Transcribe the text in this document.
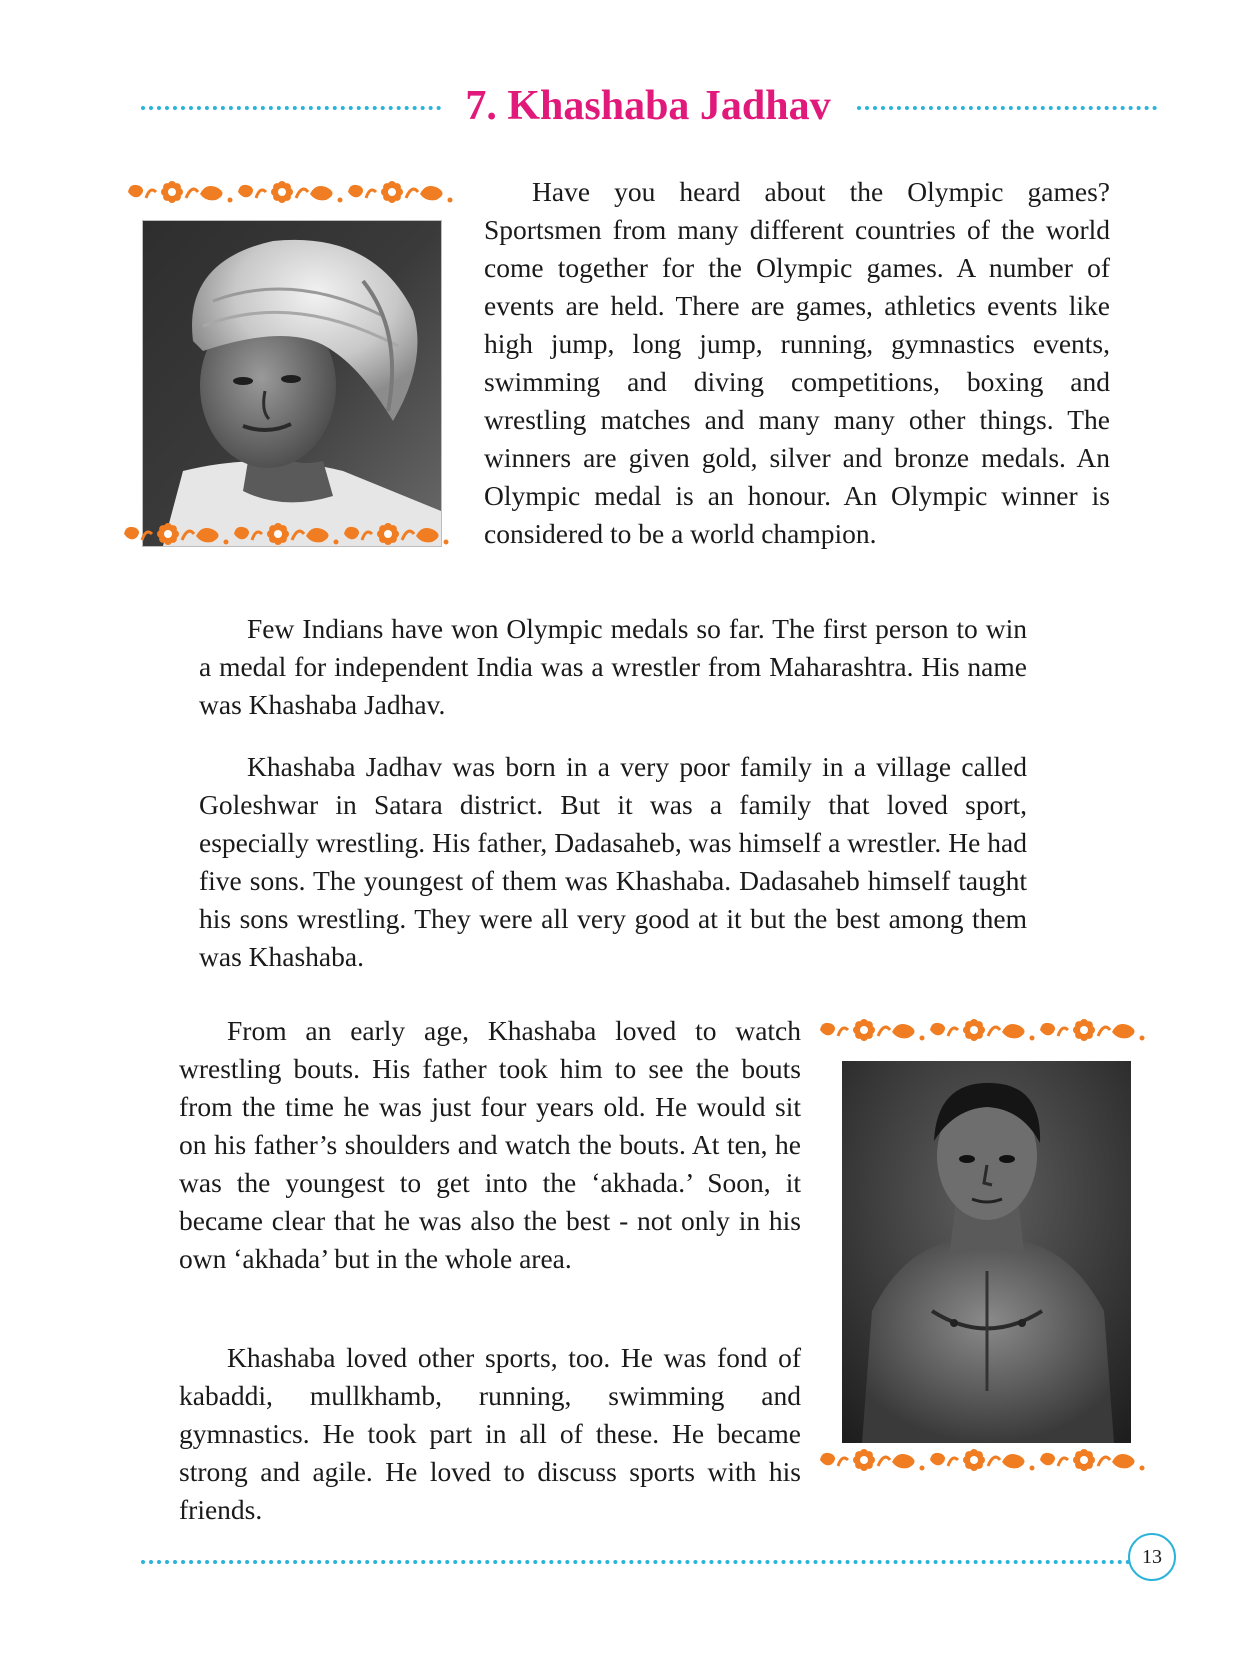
7. Khashaba Jadhav

Have you heard about the Olympic games? Sportsmen from many different countries of the world come together for the Olympic games. A number of events are held. There are games, athletics events like high jump, long jump, running, gymnastics events, swimming and diving competitions, boxing and wrestling matches and many many other things. The winners are given gold, silver and bronze medals. An Olympic medal is an honour. An Olympic winner is considered to be a world champion.

Few Indians have won Olympic medals so far. The first person to win a medal for independent India was a wrestler from Maharashtra. His name was Khashaba Jadhav.

Khashaba Jadhav was born in a very poor family in a village called Goleshwar in Satara district. But it was a family that loved sport, especially wrestling. His father, Dadasaheb, was himself a wrestler. He had five sons. The youngest of them was Khashaba. Dadasaheb himself taught his sons wrestling. They were all very good at it but the best among them was Khashaba.

From an early age, Khashaba loved to watch wrestling bouts. His father took him to see the bouts from the time he was just four years old. He would sit on his father’s shoulders and watch the bouts. At ten, he was the youngest to get into the ‘akhada.’ Soon, it became clear that he was also the best - not only in his own ‘akhada’ but in the whole area.

Khashaba loved other sports, too. He was fond of kabaddi, mullkhamb, running, swimming and gymnastics. He took part in all of these. He became strong and agile. He loved to discuss sports with his friends.

13
